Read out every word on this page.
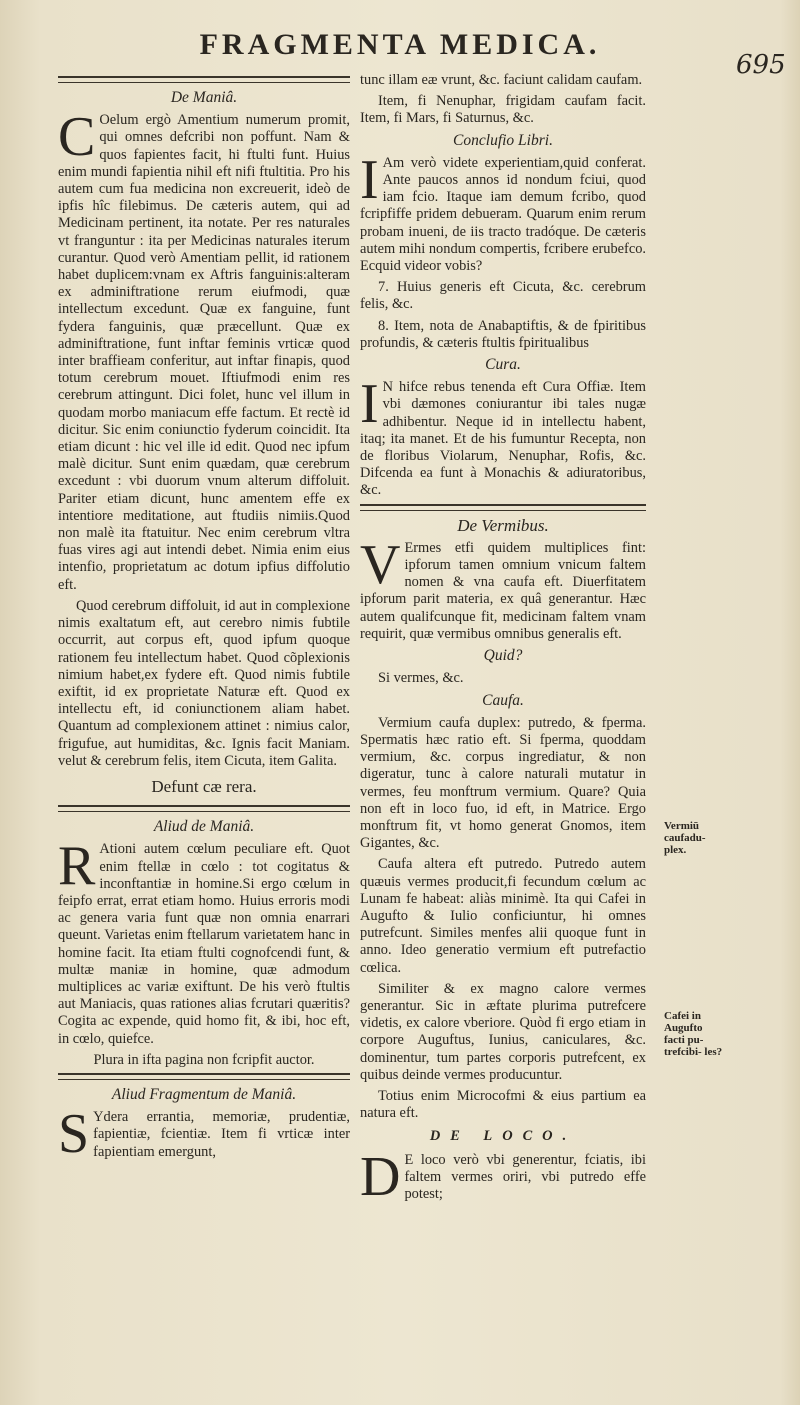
FRAGMENTA MEDICA.
695
De Maniâ.

C Oelum ergò Amentium numerum promit, qui omnes defcribi non poffunt. Nam & quos fapientes facit, hi ftulti funt. Huius enim mundi fapientia nihil eft nifi ftultitia. Pro his autem cum fua medicina non excreuerit, ideò de ipfis hîc filebimus. De cæteris autem, qui ad Medicinam pertinent, ita notate. Per res naturales vt franguntur : ita per Medicinas naturales iterum curantur. Quod verò Amentiam pellit, id rationem habet duplicem:vnam ex Aftris fanguinis:alteram ex adminiftratione rerum eiufmodi, quæ intellectum excedunt. Quæ ex fanguine, funt fydera fanguinis, quæ præcellunt. Quæ ex adminiftratione, funt inftar feminis vrticæ quod inter braffieam conferitur, aut inftar finapis, quod totum cerebrum mouet. Iftiufmodi enim res cerebrum attingunt. Dici folet, hunc vel illum in quodam morbo maniacum effe factum. Et rectè id dicitur. Sic enim coniunctio fyderum coincidit. Ita etiam dicunt : hic vel ille id edit. Quod nec ipfum malè dicitur. Sunt enim quædam, quæ cerebrum excedunt : vbi duorum vnum alterum diffoluit. Pariter etiam dicunt, hunc amentem effe ex intentiore meditatione, aut ftudiis nimiis.Quod non malè ita ftatuitur. Nec enim cerebrum vltra fuas vires agi aut intendi debet. Nimia enim eius intenfio, proprietatum ac dotum ipfius diffolutio eft.

Quod cerebrum diffoluit, id aut in complexione nimis exaltatum eft, aut cerebro nimis fubtile occurrit, aut corpus eft, quod ipfum quoque rationem feu intellectum habet. Quod cõplexionis nimium habet,ex fydere eft. Quod nimis fubtile exiftit, id ex proprietate Naturæ eft. Quod ex intellectu eft, id coniunctionem aliam habet. Quantum ad complexionem attinet : nimius calor, frigufue, aut humiditas, &c. Ignis facit Maniam. velut & cerebrum felis, item Cicuta, item Galita.

Defunt cæ rera.
Aliud de Maniâ.

R Ationi autem cœlum peculiare eft. Quot enim ftellæ in cœlo : tot cogitatus & inconftantiæ in homine.Si ergo cœlum in feipfo errat, errat etiam homo. Huius erroris modi ac genera varia funt quæ non omnia enarrari queunt. Varietas enim ftellarum varietatem hanc in homine facit. Ita etiam ftulti cognofcendi funt, & multæ maniæ in homine, quæ admodum multiplices ac variæ exiftunt. De his verò ftultis aut Maniacis, quas rationes alias fcrutari quæritis? Cogita ac expende, quid homo fit, & ibi, hoc eft, in cœlo, quiefce.

Plura in ifta pagina non fcripfit auctor.

Aliud Fragmentum de Maniâ.

S Ydera errantia, memoriæ, prudentiæ, fapientiæ, fcientiæ. Item fi vrticæ inter fapientiam emergunt,

tunc illam eæ vrunt, &c. faciunt calidam caufam.

Item, fi Nenuphar, frigidam caufam facit. Item, fi Mars, fi Saturnus, &c.

Conclufio Libri.

I Am verò videte experientiam,quid conferat. Ante paucos annos id nondum fciui, quod iam fcio. Itaque iam demum fcribo, quod fcripfiffe pridem debueram. Quarum enim rerum probam inueni, de iis tracto tradóque. De cæteris autem mihi nondum compertis, fcribere erubefco. Ecquid videor vobis?

7. Huius generis eft Cicuta, &c. cerebrum felis, &c.

8. Item, nota de Anabaptiftis, & de fpiritibus profundis, & cæteris ftultis fpiritualibus

Cura.

I N hifce rebus tenenda eft Cura Offiæ. Item vbi dæmones coniurantur ibi tales nugæ adhibentur. Neque id in intellectu habent, itaq; ita manet. Et de his fumuntur Recepta, non de floribus Violarum, Nenuphar, Rofis, &c. Difcenda ea funt à Monachis & adiuratoribus, &c.

De Vermibus.

V Ermes etfi quidem multiplices fint: ipforum tamen omnium vnicum faltem nomen & vna caufa eft. Diuerfitatem ipforum parit materia, ex quâ generantur. Hæc autem qualifcunque fit, medicinam faltem vnam requirit, quæ vermibus omnibus generalis eft.

Quid?

Si vermes, &c.

Caufa.

Vermium caufa duplex: putredo, & fperma. Spermatis hæc ratio eft. Si fperma, quoddam vermium, &c. corpus ingrediatur, & non digeratur, tunc à calore naturali mutatur in vermes, feu monftrum vermium. Quare? Quia non eft in loco fuo, id eft, in Matrice. Ergo monftrum fit, vt homo generat Gnomos, item Gigantes, &c.

Caufa altera eft putredo. Putredo autem quæuis vermes producit,fi fecundum cœlum ac Lunam fe habeat: aliàs minimè. Ita qui Cafei in Augufto & Iulio conficiuntur, hi omnes putrefcunt. Similes menfes alii quoque funt in anno. Ideo generatio vermium eft putrefactio cœlica.

Similiter & ex magno calore vermes generantur. Sic in æftate plurima putrefcere videtis, ex calore vberiore. Quòd fi ergo etiam in corpore Auguftus, Iunius, caniculares, &c. dominentur, tum partes corporis putrefcent, ex quibus deinde vermes producuntur.

Totius enim Microcofmi & eius partium ea natura eft.

DE LOCO.

D E loco verò vbi generentur, fciatis, ibi faltem vermes oriri, vbi putredo effe potest;

Vermiū caufadu- plex.
Cafei in Augufto facti pu- trefcibi- les?
